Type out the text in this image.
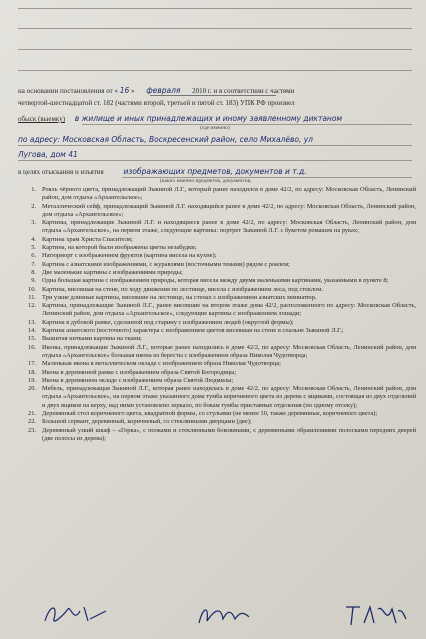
на основании постановления от « 16 » февраля 2010 г. и в соответствии с частями
четвертой-шестнадцатой ст. 182 (частями второй, третьей и пятой ст. 183) УПК РФ произвел
обыск (выемку) в жилище и иных принадлежащих и иному заявленному диктаном
(где именно)
по адресу: Московская Область, Воскресенский район, село Михалёво, ул
Лугова, дом 41
в целях отыскания и изъятия	изображающих предметов, документов и т.д.
(каких именно предметов, документов,
1. Рояль чёрного цвета, принадлежащий Зыкиной Л.Г., который ранее находился в доме 42/2, по адресу: Московская Область, Ленинский район, дом отдыха «Архангельское»;
2. Металлический сейф, принадлежащий Зыкиной Л.Г. находящийся ранее в доме 42/2, по адресу: Московская Область, Ленинский район, дом отдыха «Архангельское»;
3. Картины, принадлежащие Зыкиной Л.Г. и находящиеся ранее в доме 42/2, по адресу: Московская Область, Ленинский район, дом отдыха «Архангельское», на первом этаже, следующие картины: портрет Зыкиной Л.Г. с букетом ромашек на руках;
4. Картина храм Христа Спасителя;
5. Картина, на которой были изображены цветы незабудки;
6. Натюрморт с изображением фруктов (картина висела на кухне);
7. Картина с азиатскими изображениями, с журавлями (восточными темами) рядом с роялем;
8. Две маленькие картины с изображениями природы;
9. Одна большая картина с изображением природы, которая висела между двумя маленькими картинами, указанными в пункте 8;
10. Картина, висевшая на стене, по ходу движения по лестнице, висела с изображением леса, под стеклом.
11. Три узкие длинные картины, висевшие на лестнице, на стенах с изображением азиатских миниатюр.
12. Картины, принадлежащие Зыкиной Л.Г., ранее висевшие на втором этаже дома 42/2, расположенного по адресу: Московская Область, Ленинский район, дом отдыха «Архангельское», следующие картины с изображением лошади;
13. Картина в дубовой рамке, сделанной под старину с изображением людей (округлой формы);
14. Картина азиатского (восточного) характера с изображением цветов висевшая на стене в спальне Зыкиной Л.Г.;
15. Вышитая нитками картина на ткани;
16. Иконы, принадлежащие Зыкиной Л.Г., которые ранее находились в доме 42/2, по адресу: Московская Область, Ленинский район, дом отдыха «Архангельское» большая икона из бересты с изображением образа Николая Чудотворца;
17. Маленькая икона в металлическом окладе с изображением образа Николая Чудотворца;
18. Икона в деревянной рамке с изображением образа Святой Богородицы;
19. Икона в деревянном окладе с изображением образа Святой Людмилы;
20. Мебель, принадлежащая Зыкиной Л.Г., которая ранее находилась в доме 42/2, по адресу: Московская Область, Ленинский район, дом отдыха «Архангельское», на первом этаже указанного дома тумба коричневого цвета из дерева с ящиками, состоящая из двух отделений и двух ящиков на верху, над ними установлено зеркало, по бокам тумбы приставные отделения (по одному отсеку);
21. Деревянный стол коричневого цвета, квадратной формы, со стульями (не менее 10, также деревянные, коричневого цвета);
22. Большой сервант, деревянный, коричневый, со стеклянными дверцами (две);
23. Деревянный узкий шкаф – «Горка», с полками и стеклянными боковинами, с деревянными обрамлениями полосками передних дверей (две полосы из дерева);
